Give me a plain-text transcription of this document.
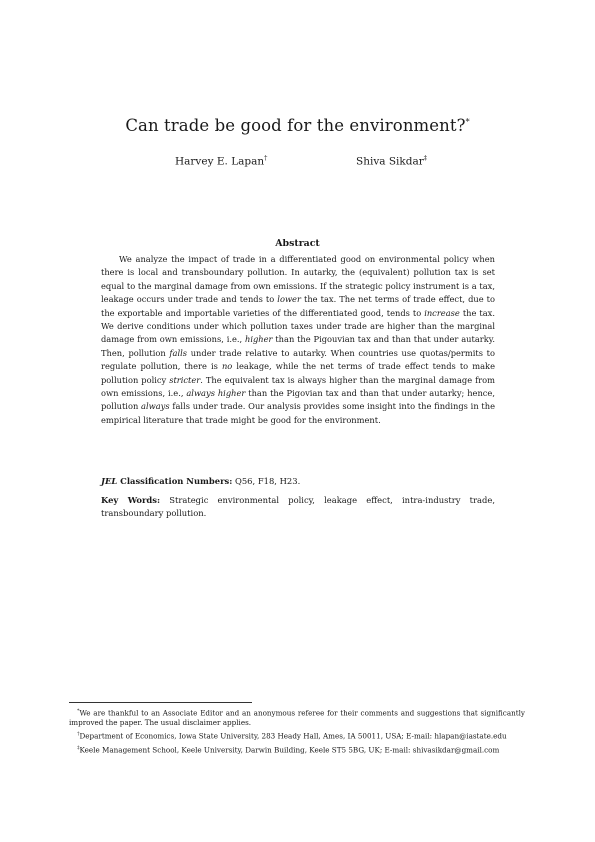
Can trade be good for the environment?*
Harvey E. Lapan†	Shiva Sikdar‡
Abstract

We analyze the impact of trade in a differentiated good on environmental policy when there is local and transboundary pollution. In autarky, the (equivalent) pollution tax is set equal to the marginal damage from own emissions. If the strategic policy instrument is a tax, leakage occurs under trade and tends to lower the tax. The net terms of trade effect, due to the exportable and importable varieties of the differentiated good, tends to increase the tax. We derive conditions under which pollution taxes under trade are higher than the marginal damage from own emissions, i.e., higher than the Pigouvian tax and than that under autarky. Then, pollution falls under trade relative to autarky. When countries use quotas/permits to regulate pollution, there is no leakage, while the net terms of trade effect tends to make pollution policy stricter. The equivalent tax is always higher than the marginal damage from own emissions, i.e., always higher than the Pigovian tax and than that under autarky; hence, pollution always falls under trade. Our analysis provides some insight into the findings in the empirical literature that trade might be good for the environment.

JEL Classification Numbers: Q56, F18, H23.

Key Words: Strategic environmental policy, leakage effect, intra-industry trade, transboundary pollution.

*We are thankful to an Associate Editor and an anonymous referee for their comments and suggestions that significantly improved the paper. The usual disclaimer applies.

†Department of Economics, Iowa State University, 283 Heady Hall, Ames, IA 50011, USA; E-mail: hlapan@iastate.edu

‡Keele Management School, Keele University, Darwin Building, Keele ST5 5BG, UK; E-mail: shivasikdar@gmail.com
